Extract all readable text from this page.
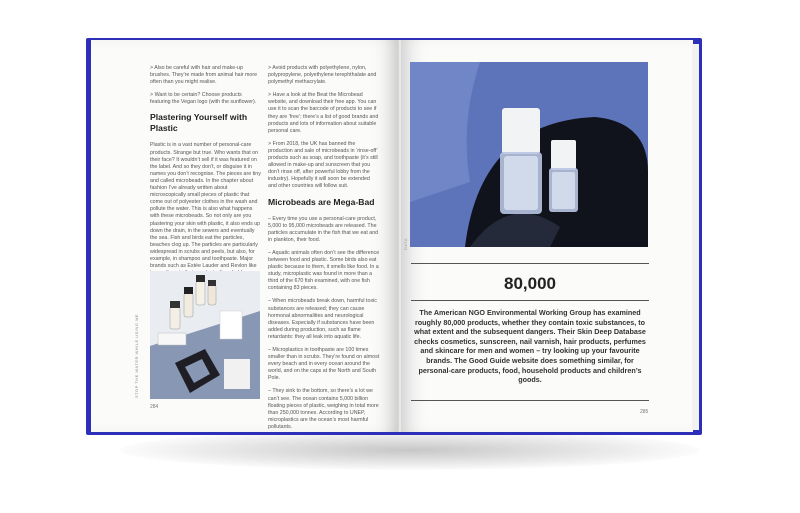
> Also be careful with hair and make-up brushes. They’re made from animal hair more often than you might realise.

> Want to be certain? Choose products featuring the Vegan logo (with the sunflower).

Plastering Yourself with Plastic

Plastic is in a vast number of personal-care products. Strange but true. Who wants that on their face? It wouldn’t sell if it was featured on the label. And so they don’t, or disguise it in names you don’t recognise. The pieces are tiny and called microbeads. In the chapter about fashion I’ve already written about microscopically small pieces of plastic that come out of polyester clothes in the wash and pollute the water. This is also what happens with these microbeads. So not only are you plastering your skin with plastic, it also ends up down the drain, in the sewers and eventually the sea. Fish and birds eat the particles, beaches clog up. The particles are particularly widespread in scrubs and peels, but also, for example, in shampoo and toothpaste. Major brands such as Estée Lauder and Revlon like

> Avoid products with polyethylene, nylon, polypropylene, polyethylene terephthalate and polymethyl methacrylate.

> Have a look at the Beat the Microbead website, and download their free app. You can use it to scan the barcode of products to see if they are ‘free’; there’s a list of good brands and products and lots of information about suitable personal care.

> From 2018, the UK has banned the production and sale of microbeads in ‘rinse-off’ products such as soap, and toothpaste (it’s still allowed in make-up and sunscreen that you don’t rinse off, after powerful lobby from the industry). Hopefully it will soon be extended and other countries will follow suit.

Microbeads are Mega-Bad

– Every time you use a personal-care product, 5,000 to 95,000 microbeads are released. The particles accumulate in the fish that we eat and in plankton, their food.

– Aquatic animals often don’t see the difference between food and plastic. Some birds also eat plastic because to them, it smells like food. In a study, microplastic was found in more than a third of the 670 fish examined, with one fish containing 83 pieces.

– When microbeads break down, harmful toxic substances are released; they can cause hormonal abnormalities and neurological diseases. Especially if substances have been added during production, such as flame retardants: they all leak into aquatic life.

– Microplastics in toothpaste are 100 times smaller than in scrubs. They’re found on almost every beach and in every ocean around the world, and on the caps at the North and South Pole.

– They sink to the bottom, so there’s a lot we can’t see. The ocean contains 5,000 billion floating pieces of plastic, weighing in total more than 250,000 tonnes. According to UNEP, microplastics are the ocean’s most harmful pollutants.

STOP THE WATER WHILE USING ME
284
DATA
80,000
The American NGO Environmental Working Group has examined roughly 80,000 products, whether they contain toxic substances, to what extent and the subsequent dangers. Their Skin Deep Database checks cosmetics, sunscreen, nail varnish, hair products, perfumes and skincare for men and women – try looking up your favourite brands. The Good Guide website does something similar, for personal-care products, food, household products and children’s goods.
285
